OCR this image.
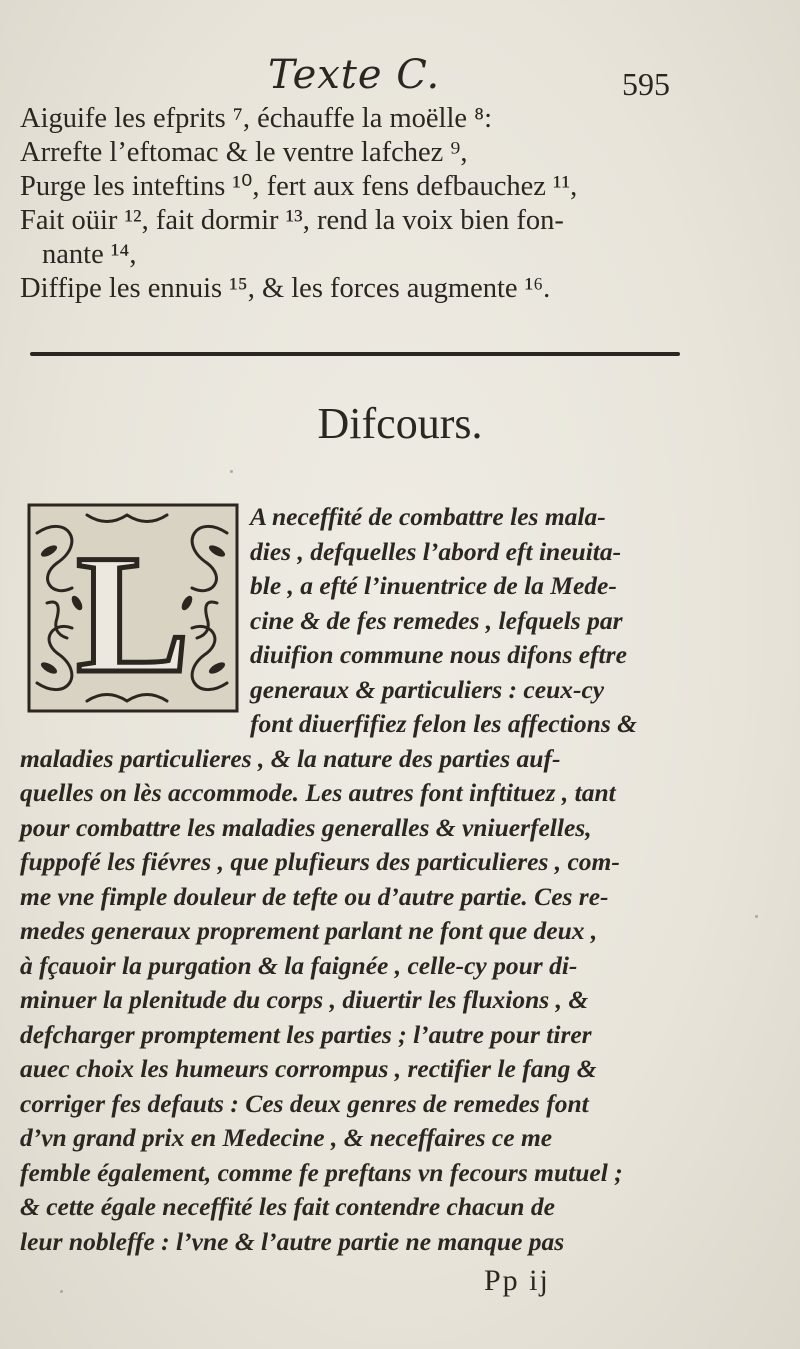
Texte C.	595
Aiguife les efprits ⁷, échauffe la moëlle ⁸:
Arrefte l’eftomac & le ventre lafchez ⁹,
Purge les inteftins ¹⁰, fert aux fens defbauchez ¹¹,
Fait oüir ¹², fait dormir ¹³, rend la voix bien fon-
nante ¹⁴,
Diffipe les ennuis ¹⁵, & les forces augmente ¹⁶.
Difcours.
L
A neceffité de combattre les mala-
dies , defquelles l’abord eft ineuita-
ble , a efté l’inuentrice de la Mede-
cine & de fes remedes , lefquels par
diuifion commune nous difons eftre
generaux & particuliers : ceux-cy
font diuerfifiez felon les affections &
maladies particulieres , & la nature des parties auf-
quelles on lès accommode. Les autres font inftituez , tant
pour combattre les maladies generalles & vniuerfelles,
fuppofé les fiévres , que plufieurs des particulieres , com-
me vne fimple douleur de tefte ou d’autre partie. Ces re-
medes generaux proprement parlant ne font que deux ,
à fçauoir la purgation & la faignée , celle-cy pour di-
minuer la plenitude du corps , diuertir les fluxions , &
defcharger promptement les parties ; l’autre pour tirer
auec choix les humeurs corrompus , rectifier le fang &
corriger fes defauts : Ces deux genres de remedes font
d’vn grand prix en Medecine , & neceffaires ce me
femble également, comme fe preftans vn fecours mutuel ;
& cette égale neceffité les fait contendre chacun de
leur nobleffe : l’vne & l’autre partie ne manque pas
Pp ij
